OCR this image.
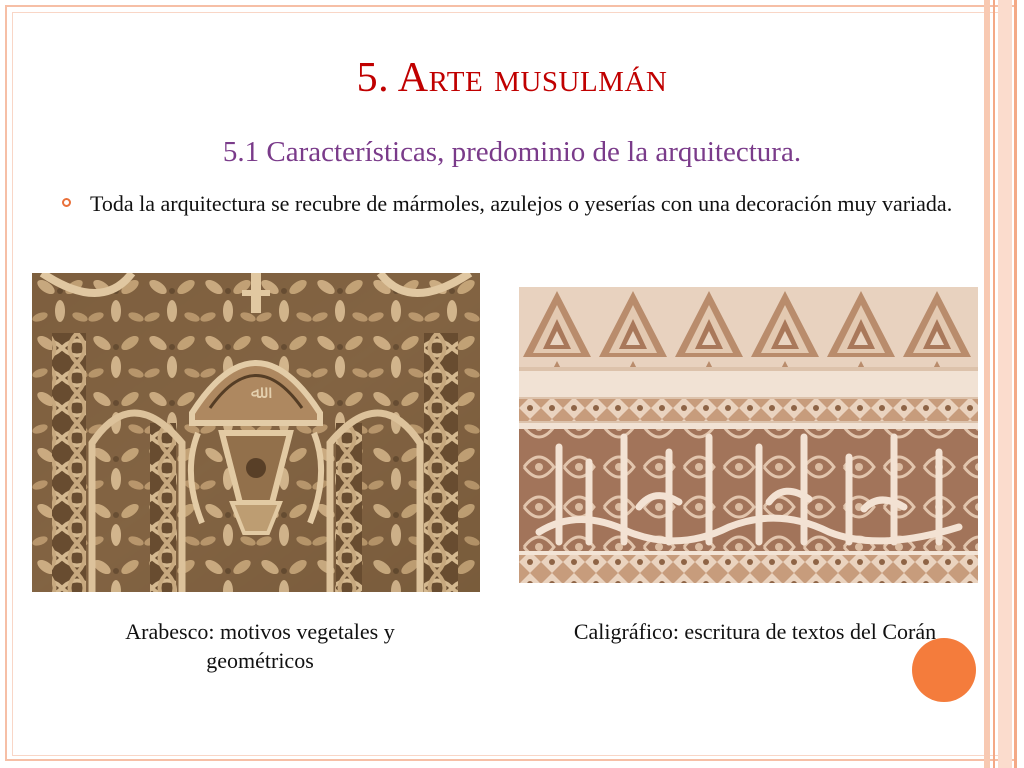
5. Arte musulmán
5.1 Características, predominio de la arquitectura.
Toda la arquitectura se recubre de mármoles, azulejos o yeserías con una decoración muy variada.
ﷲ
Arabesco: motivos vegetales y geométricos
Caligráfico: escritura de textos del Corán
